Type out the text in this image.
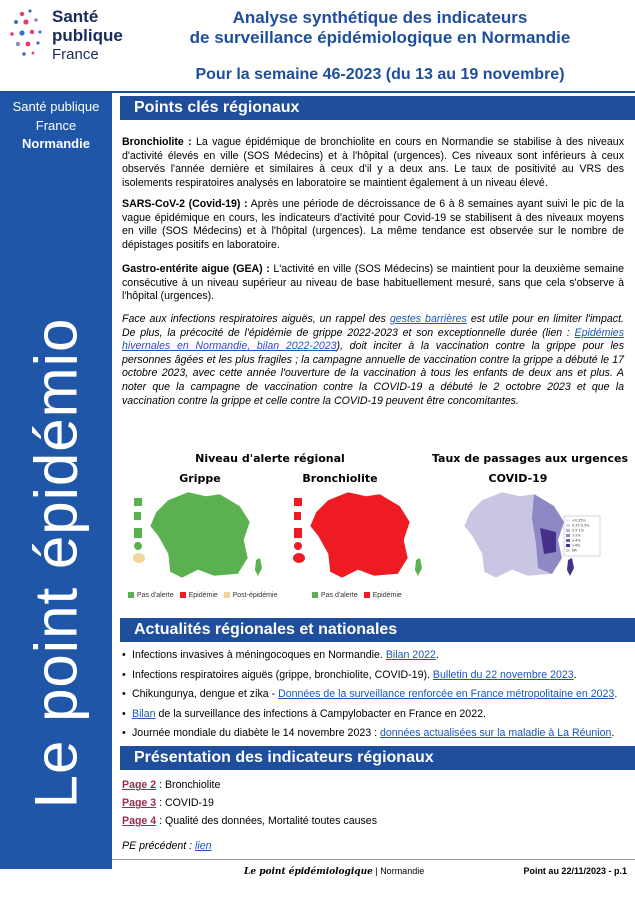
Santé
publique
France
Analyse synthétique des indicateurs
de surveillance épidémiologique en Normandie
Pour la semaine 46-2023 (du 13 au 19 novembre)
Santé publique
France
Normandie
Le point épidémio
Points clés régionaux
Bronchiolite : La vague épidémique de bronchiolite en cours en Normandie se stabilise à des niveaux d'activité élevés en ville (SOS Médecins) et à l'hôpital (urgences). Ces niveaux sont inférieurs à ceux observés l'année dernière et similaires à ceux d'il y a deux ans. Le taux de positivité au VRS des isolements respiratoires analysés en laboratoire se maintient également à un niveau élevé.
SARS-CoV-2 (Covid-19) : Après une période de décroissance de 6 à 8 semaines ayant suivi le pic de la vague épidémique en cours, les indicateurs d'activité pour Covid-19 se stabilisent à des niveaux moyens en ville (SOS Médecins) et à l'hôpital (urgences). La même tendance est observée sur le nombre de dépistages positifs en laboratoire.
Gastro-entérite aigue (GEA) : L'activité en ville (SOS Médecins) se maintient pour la deuxième semaine consécutive à un niveau supérieur au niveau de base habituellement mesuré, sans que cela s'observe à l'hôpital (urgences).
Face aux infections respiratoires aiguës, un rappel des gestes barrières est utile pour en limiter l'impact. De plus, la précocité de l'épidémie de grippe 2022-2023 et son exceptionnelle durée (lien : Epidémies hivernales en Normandie, bilan 2022-2023), doit inciter à la vaccination contre la grippe pour les personnes âgées et les plus fragiles ; la campagne annuelle de vaccination contre la grippe a débuté le 17 octobre 2023, avec cette année l'ouverture de la vaccination à tous les enfants de deux ans et plus. A noter que la campagne de vaccination contre la COVID-19 a débuté le 2 octobre 2023 et que la vaccination contre la grippe et celle contre la COVID-19 peuvent être concomitantes.
Niveau d'alerte régional	Taux de passages aux urgences
Grippe	Bronchiolite	COVID-19
<0.25%
0.25-0.5%
0.5-1%
1-2%
2-4%
>4%
NA
Pas d'alerte Epidémie Post-épidémie	Pas d'alerte Epidémie
Actualités régionales et nationales
• Infections invasives à méningocoques en Normandie. Bilan 2022.
• Infections respiratoires aiguës (grippe, bronchiolite, COVID-19). Bulletin du 22 novembre 2023.
• Chikungunya, dengue et zika - Données de la surveillance renforcée en France métropolitaine en 2023.
• Bilan de la surveillance des infections à Campylobacter en France en 2022.
• Journée mondiale du diabète le 14 novembre 2023 : données actualisées sur la maladie à La Réunion.
Présentation des indicateurs régionaux
Page 2 : Bronchiolite
Page 3 : COVID-19
Page 4 : Qualité des données, Mortalité toutes causes
PE précédent : lien
Le point épidémiologique | Normandie	Point au 22/11/2023 - p.1
